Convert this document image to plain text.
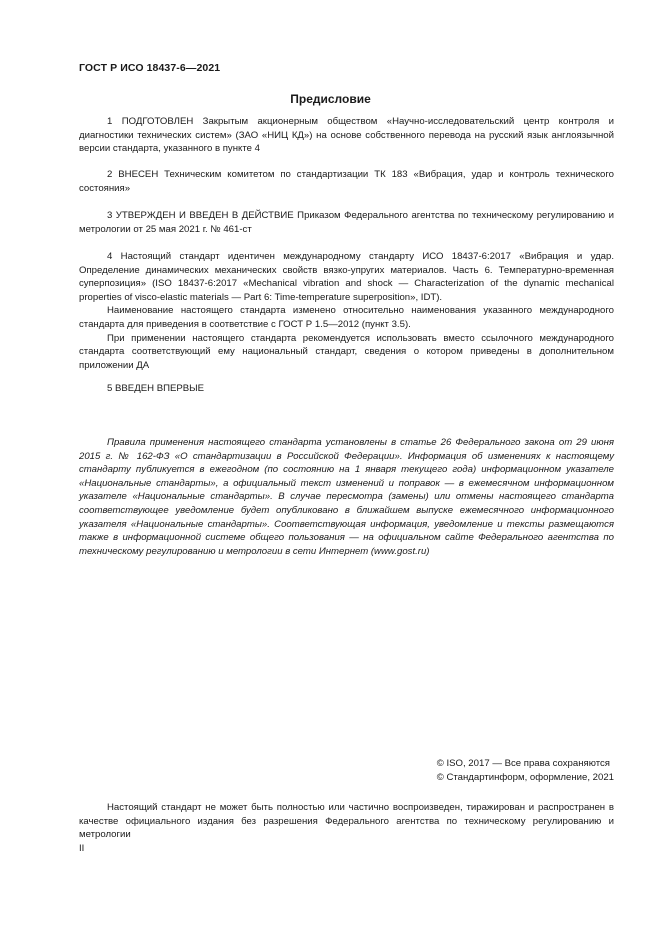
ГОСТ Р ИСО 18437-6—2021
Предисловие

1 ПОДГОТОВЛЕН Закрытым акционерным обществом «Научно-исследовательский центр контроля и диагностики технических систем» (ЗАО «НИЦ КД») на основе собственного перевода на русский язык англоязычной версии стандарта, указанного в пункте 4

2 ВНЕСЕН Техническим комитетом по стандартизации ТК 183 «Вибрация, удар и контроль технического состояния»

3 УТВЕРЖДЕН И ВВЕДЕН В ДЕЙСТВИЕ Приказом Федерального агентства по техническому регулированию и метрологии от 25 мая 2021 г. № 461-ст

4 Настоящий стандарт идентичен международному стандарту ИСО 18437-6:2017 «Вибрация и удар. Определение динамических механических свойств вязко-упругих материалов. Часть 6. Температурно-временная суперпозиция» (ISO 18437-6:2017 «Mechanical vibration and shock — Characterization of the dynamic mechanical properties of visco-elastic materials — Part 6: Time-temperature superposition», IDT).

Наименование настоящего стандарта изменено относительно наименования указанного международного стандарта для приведения в соответствие с ГОСТ Р 1.5—2012 (пункт 3.5).

При применении настоящего стандарта рекомендуется использовать вместо ссылочного международного стандарта соответствующий ему национальный стандарт, сведения о котором приведены в дополнительном приложении ДА

5 ВВЕДЕН ВПЕРВЫЕ

Правила применения настоящего стандарта установлены в статье 26 Федерального закона от 29 июня 2015 г. № 162-ФЗ «О стандартизации в Российской Федерации». Информация об изменениях к настоящему стандарту публикуется в ежегодном (по состоянию на 1 января текущего года) информационном указателе «Национальные стандарты», а официальный текст изменений и поправок — в ежемесячном информационном указателе «Национальные стандарты». В случае пересмотра (замены) или отмены настоящего стандарта соответствующее уведомление будет опубликовано в ближайшем выпуске ежемесячного информационного указателя «Национальные стандарты». Соответствующая информация, уведомление и тексты размещаются также в информационной системе общего пользования — на официальном сайте Федерального агентства по техническому регулированию и метрологии в сети Интернет (www.gost.ru)

© ISO, 2017 — Все права сохраняются
© Стандартинформ, оформление, 2021

Настоящий стандарт не может быть полностью или частично воспроизведен, тиражирован и распространен в качестве официального издания без разрешения Федерального агентства по техническому регулированию и метрологии

II
